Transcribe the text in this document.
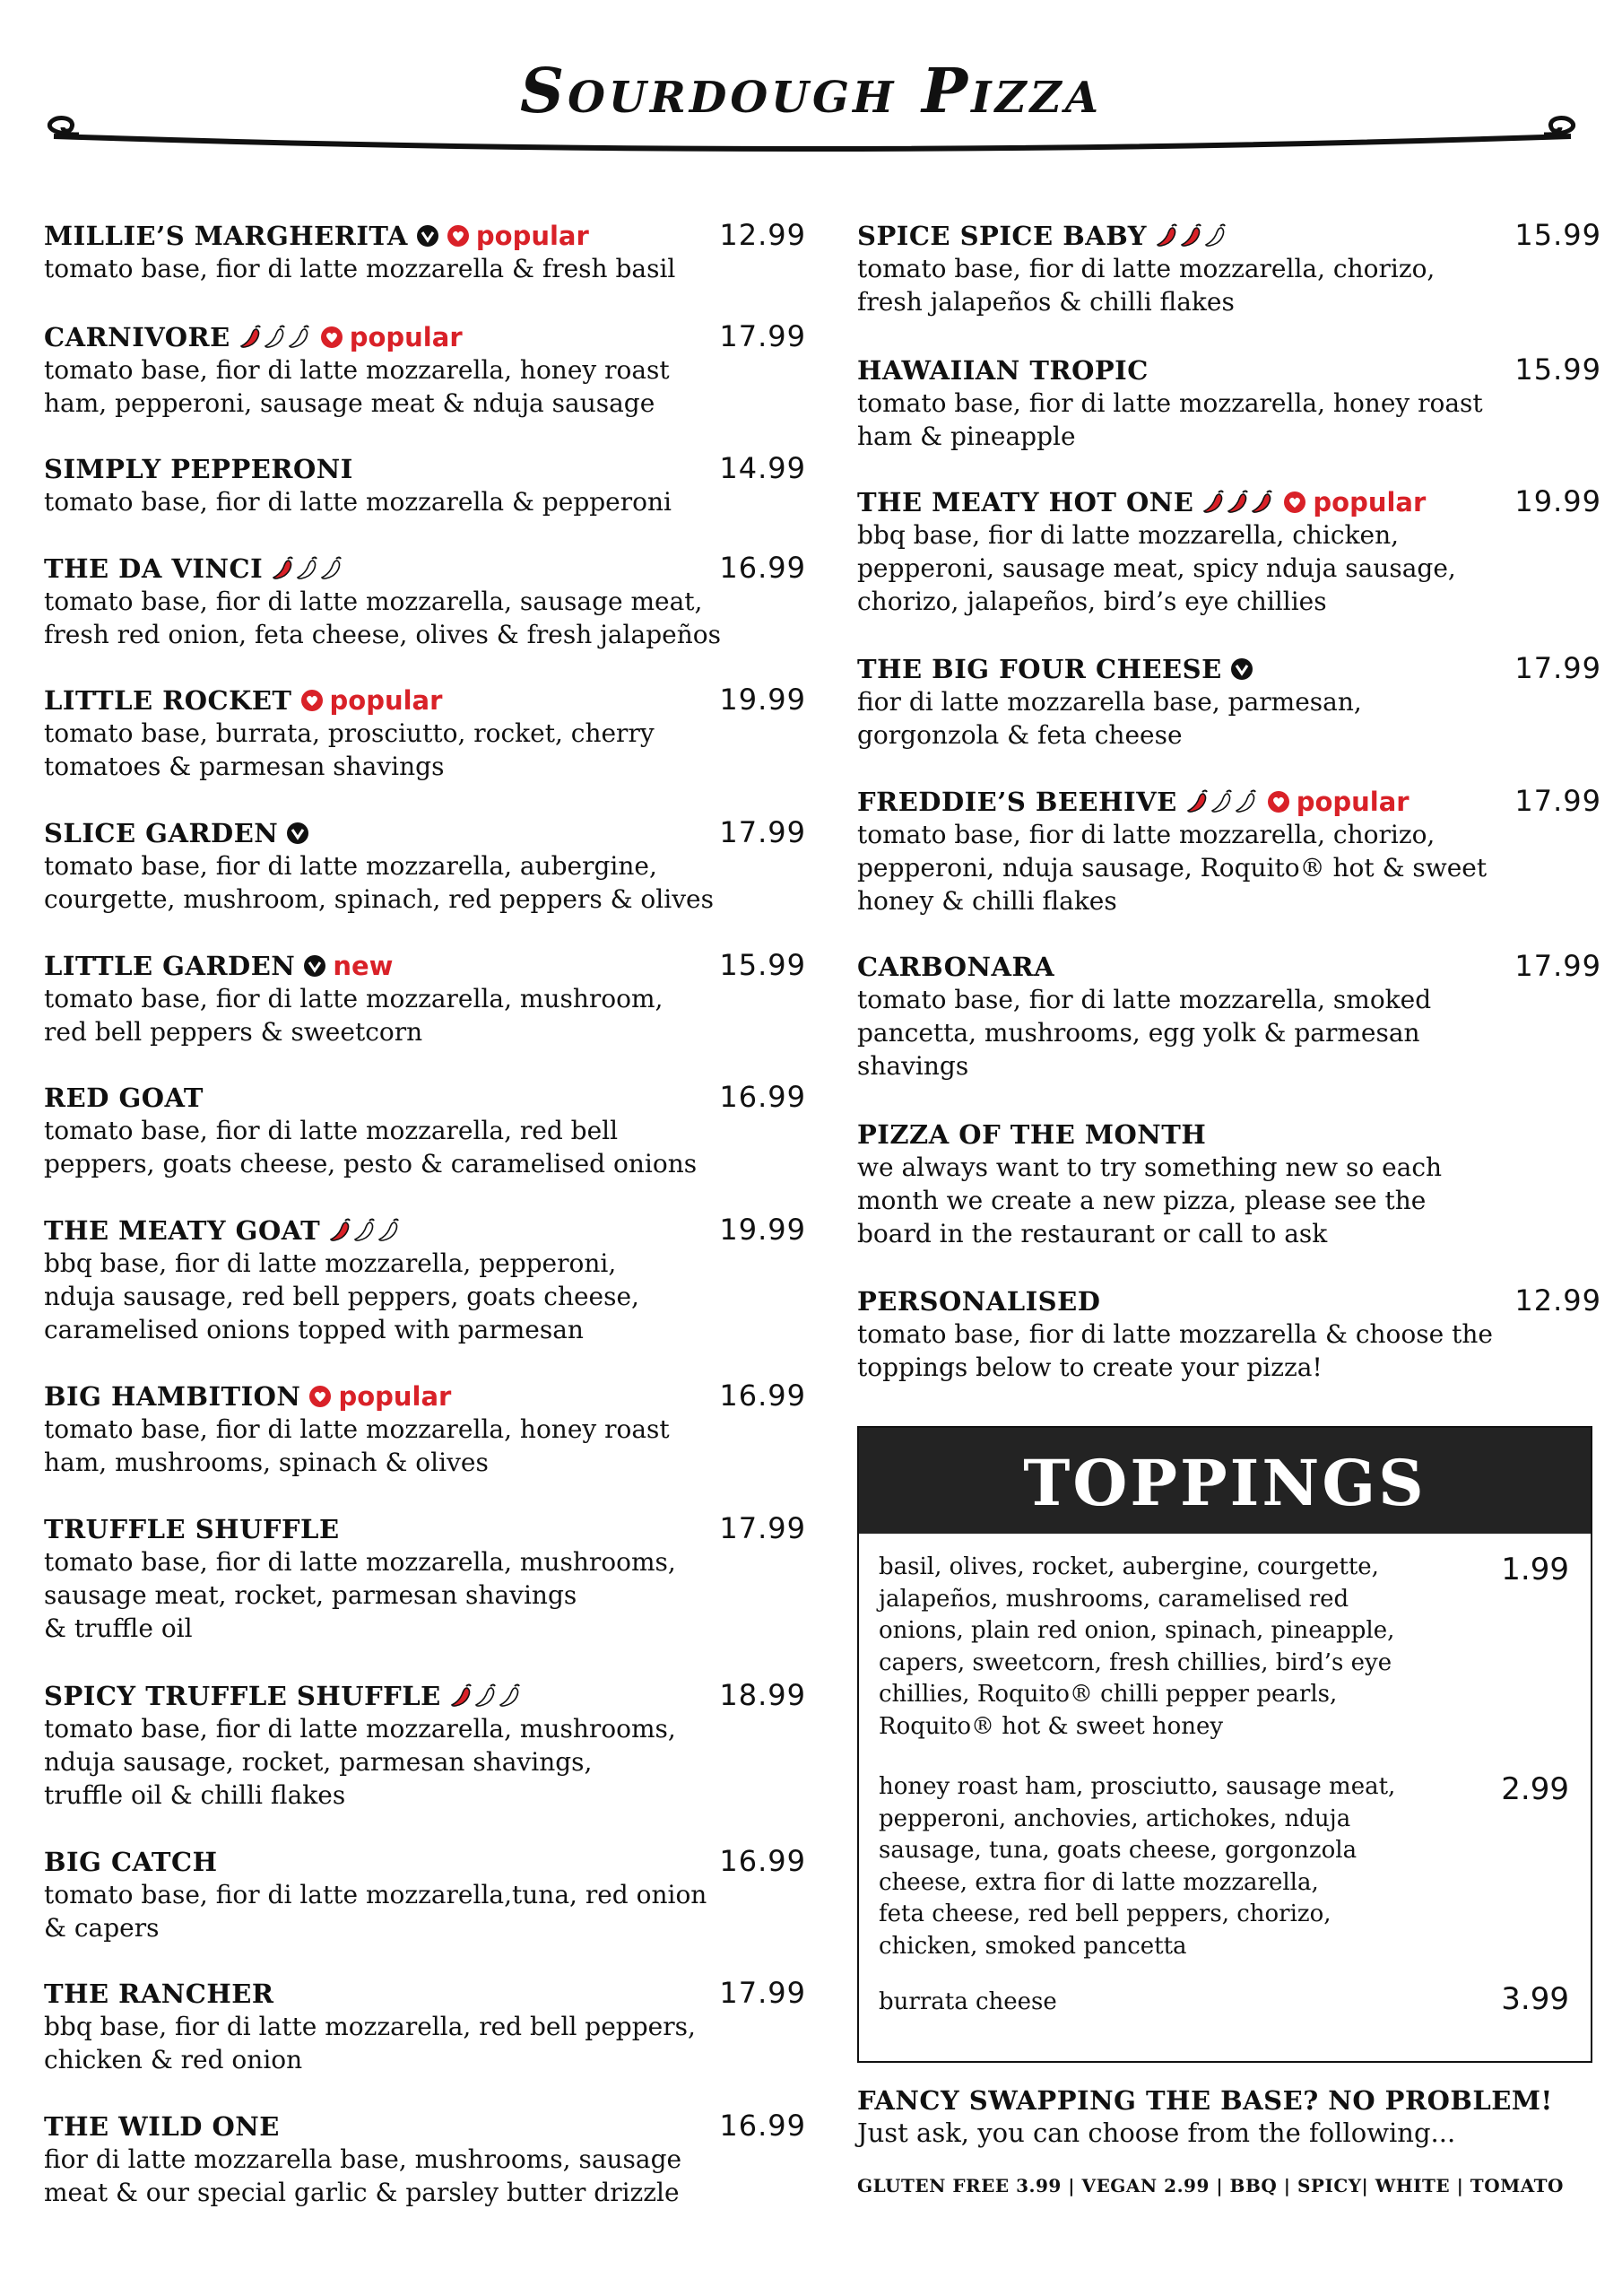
Sourdough Pizza
MILLIE’S MARGHERITA	popular	12.99
tomato base, fior di latte mozzarella & fresh basil
CARNIVORE	popular	17.99
tomato base, fior di latte mozzarella, honey roast
ham, pepperoni, sausage meat & nduja sausage
SIMPLY PEPPERONI	14.99
tomato base, fior di latte mozzarella & pepperoni
THE DA VINCI	16.99
tomato base, fior di latte mozzarella, sausage meat,
fresh red onion, feta cheese, olives & fresh jalapeños
LITTLE ROCKET popular	19.99
tomato base, burrata, prosciutto, rocket, cherry
tomatoes & parmesan shavings
SLICE GARDEN	17.99
tomato base, fior di latte mozzarella, aubergine,
courgette, mushroom, spinach, red peppers & olives
LITTLE GARDEN new	15.99
tomato base, fior di latte mozzarella, mushroom,
red bell peppers & sweetcorn
RED GOAT	16.99
tomato base, fior di latte mozzarella, red bell
peppers, goats cheese, pesto & caramelised onions
THE MEATY GOAT	19.99
bbq base, fior di latte mozzarella, pepperoni,
nduja sausage, red bell peppers, goats cheese,
caramelised onions topped with parmesan
BIG HAMBITION popular	16.99
tomato base, fior di latte mozzarella, honey roast
ham, mushrooms, spinach & olives
TRUFFLE SHUFFLE	17.99
tomato base, fior di latte mozzarella, mushrooms,
sausage meat, rocket, parmesan shavings
& truffle oil
SPICY TRUFFLE SHUFFLE	18.99
tomato base, fior di latte mozzarella, mushrooms,
nduja sausage, rocket, parmesan shavings,
truffle oil & chilli flakes
BIG CATCH	16.99
tomato base, fior di latte mozzarella,tuna, red onion
& capers
THE RANCHER	17.99
bbq base, fior di latte mozzarella, red bell peppers,
chicken & red onion
THE WILD ONE	16.99
fior di latte mozzarella base, mushrooms, sausage
meat & our special garlic & parsley butter drizzle
SPICE SPICE BABY	15.99
tomato base, fior di latte mozzarella, chorizo,
fresh jalapeños & chilli flakes
HAWAIIAN TROPIC	15.99
tomato base, fior di latte mozzarella, honey roast
ham & pineapple
THE MEATY HOT ONE	popular	19.99
bbq base, fior di latte mozzarella, chicken,
pepperoni, sausage meat, spicy nduja sausage,
chorizo, jalapeños, bird’s eye chillies
THE BIG FOUR CHEESE	17.99
fior di latte mozzarella base, parmesan,
gorgonzola & feta cheese
FREDDIE’S BEEHIVE	popular	17.99
tomato base, fior di latte mozzarella, chorizo,
pepperoni, nduja sausage, Roquito® hot & sweet
honey & chilli flakes
CARBONARA	17.99
tomato base, fior di latte mozzarella, smoked
pancetta, mushrooms, egg yolk & parmesan
shavings
PIZZA OF THE MONTH
we always want to try something new so each
month we create a new pizza, please see the
board in the restaurant or call to ask
PERSONALISED	12.99
tomato base, fior di latte mozzarella & choose the
toppings below to create your pizza!
TOPPINGS
basil, olives, rocket, aubergine, courgette,
jalapeños, mushrooms, caramelised red
onions, plain red onion, spinach, pineapple,
capers, sweetcorn, fresh chillies, bird’s eye
chillies, Roquito® chilli pepper pearls,
Roquito® hot & sweet honey
1.99
honey roast ham, prosciutto, sausage meat,
pepperoni, anchovies, artichokes, nduja
sausage, tuna, goats cheese, gorgonzola
cheese, extra fior di latte mozzarella,
feta cheese, red bell peppers, chorizo,
chicken, smoked pancetta
2.99
burrata cheese	3.99
FANCY SWAPPING THE BASE? NO PROBLEM!
Just ask, you can choose from the following...
GLUTEN FREE 3.99 | VEGAN 2.99 | BBQ | SPICY| WHITE | TOMATO
